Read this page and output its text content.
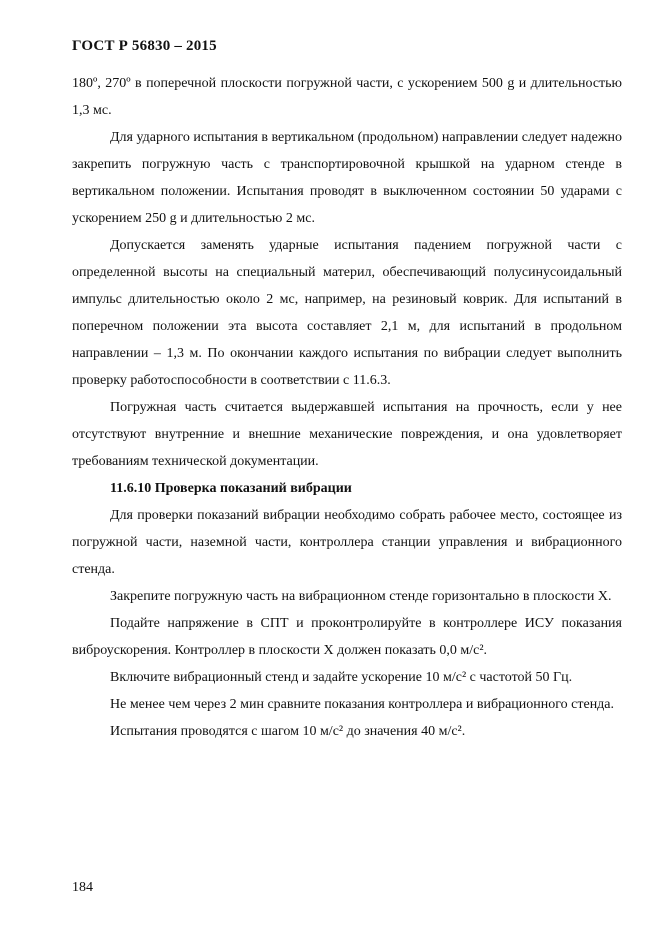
ГОСТ Р 56830 – 2015

180º, 270º в поперечной плоскости погружной части, с ускорением 500 g и длительностью 1,3 мс.

Для ударного испытания в вертикальном (продольном) направлении следует надежно закрепить погружную часть с транспортировочной крышкой на ударном стенде в вертикальном положении. Испытания проводят в выключенном состоянии 50 ударами с ускорением 250 g и длительностью 2 мс.

Допускается заменять ударные испытания падением погружной части с определенной высоты на специальный материл, обеспечивающий полусинусоидальный импульс длительностью около 2 мс, например, на резиновый коврик. Для испытаний в поперечном положении эта высота составляет 2,1 м, для испытаний в продольном направлении – 1,3 м. По окончании каждого испытания по вибрации следует выполнить проверку работоспособности в соответствии с 11.6.3.

Погружная часть считается выдержавшей испытания на прочность, если у нее отсутствуют внутренние и внешние механические повреждения, и она удовлетворяет требованиям технической документации.

11.6.10 Проверка показаний вибрации

Для проверки показаний вибрации необходимо собрать рабочее место, состоящее из погружной части, наземной части, контроллера станции управления и вибрационного стенда.

Закрепите погружную часть на вибрационном стенде горизонтально в плоскости Х.

Подайте напряжение в СПТ и проконтролируйте в контроллере ИСУ показания виброускорения. Контроллер в плоскости Х должен показать 0,0 м/с².

Включите вибрационный стенд и задайте ускорение 10 м/с² с частотой 50 Гц.

Не менее чем через 2 мин сравните показания контроллера и вибрационного стенда.

Испытания проводятся с шагом 10 м/с² до значения 40 м/с².

184
